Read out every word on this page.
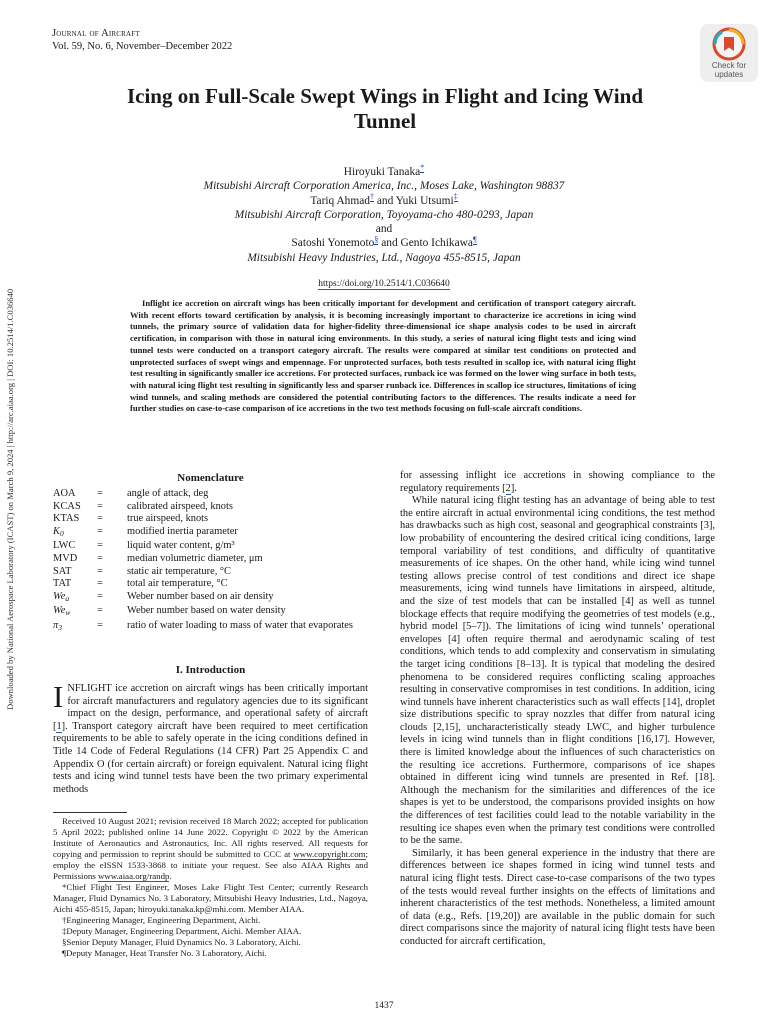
Journal of Aircraft
Vol. 59, No. 6, November–December 2022
Check for
updates
Downloaded by National Aerospace Laboratory (ICAST) on March 9, 2024 | http://arc.aiaa.org | DOI: 10.2514/1.C036640
Icing on Full-Scale Swept Wings in Flight and Icing Wind Tunnel
Hiroyuki Tanaka*
Mitsubishi Aircraft Corporation America, Inc., Moses Lake, Washington 98837
Tariq Ahmad† and Yuki Utsumi‡
Mitsubishi Aircraft Corporation, Toyoyama-cho 480-0293, Japan
and
Satoshi Yonemoto§ and Gento Ichikawa¶
Mitsubishi Heavy Industries, Ltd., Nagoya 455-8515, Japan
https://doi.org/10.2514/1.C036640
Inflight ice accretion on aircraft wings has been critically important for development and certification of transport category aircraft. With recent efforts toward certification by analysis, it is becoming increasingly important to characterize ice accretions in icing wind tunnels, the primary source of validation data for higher-fidelity three-dimensional ice shape analysis codes to be used in aircraft certification, in comparison with those in natural icing environments. In this study, a series of natural icing flight tests and icing wind tunnel tests were conducted on a transport category aircraft. The results were compared at similar test conditions on protected and unprotected surfaces of swept wings and empennage. For unprotected surfaces, both tests resulted in scallop ice, with natural icing flight test resulting in significantly smaller ice accretions. For protected surfaces, runback ice was formed on the lower wing surface in both tests, with natural icing flight test resulting in significantly less and sparser runback ice. Differences in scallop ice structures, limitations of icing wind tunnels, and scaling methods are considered the potential contributing factors to the differences. The results indicate a need for further studies on case-to-case comparison of ice accretions in the two test methods focusing on full-scale aircraft conditions.
Nomenclature
AOA	=	angle of attack, deg
KCAS	=	calibrated airspeed, knots
KTAS	=	true airspeed, knots
$K_0$	=	modified inertia parameter
LWC	=	liquid water content, g/m³
MVD	=	median volumetric diameter, μm
SAT	=	static air temperature, °C
TAT	=	total air temperature, °C
$We_a$	=	Weber number based on air density
$We_w$	=	Weber number based on water density
$\pi_3$	=	ratio of water loading to mass of water that evaporates
I. Introduction
INFLIGHT ice accretion on aircraft wings has been critically important for aircraft manufacturers and regulatory agencies due to its significant impact on the design, performance, and operational safety of aircraft [1]. Transport category aircraft have been required to meet certification requirements to be able to safely operate in the icing conditions defined in Title 14 Code of Federal Regulations (14 CFR) Part 25 Appendix C and Appendix O (for certain aircraft) or foreign equivalent. Natural icing flight tests and icing wind tunnel tests have been the two primary experimental methods

Received 10 August 2021; revision received 18 March 2022; accepted for publication 5 April 2022; published online 14 June 2022. Copyright © 2022 by the American Institute of Aeronautics and Astronautics, Inc. All rights reserved. All requests for copying and permission to reprint should be submitted to CCC at www.copyright.com; employ the eISSN 1533-3868 to initiate your request. See also AIAA Rights and Permissions www.aiaa.org/randp.

*Chief Flight Test Engineer, Moses Lake Flight Test Center; currently Research Manager, Fluid Dynamics No. 3 Laboratory, Mitsubishi Heavy Industries, Ltd., Nagoya, Aichi 455-8515, Japan; hiroyuki.tanaka.kp@mhi.com. Member AIAA.

†Engineering Manager, Engineering Department, Aichi.

‡Deputy Manager, Engineering Department, Aichi. Member AIAA.

§Senior Deputy Manager, Fluid Dynamics No. 3 Laboratory, Aichi.

¶Deputy Manager, Heat Transfer No. 3 Laboratory, Aichi.

for assessing inflight ice accretions in showing compliance to the regulatory requirements [2].

While natural icing flight testing has an advantage of being able to test the entire aircraft in actual environmental icing conditions, the test method has drawbacks such as high cost, seasonal and geographical constraints [3], low probability of encountering the desired critical icing conditions, large temporal variability of test conditions, and difficulty of quantitative measurements of ice shapes. On the other hand, while icing wind tunnel testing allows precise control of test conditions and direct ice shape measurements, icing wind tunnels have limitations in airspeed, altitude, and the size of test models that can be installed [4] as well as tunnel blockage effects that require modifying the geometries of test models (e.g., hybrid model [5–7]). The limitations of icing wind tunnels’ operational envelopes [4] often require thermal and aerodynamic scaling of test conditions, which tends to add complexity and conservatism in simulating the target icing conditions [8–13]. It is typical that modeling the desired phenomena to be considered requires conflicting scaling approaches resulting in conservative compromises in test conditions. In addition, icing wind tunnels have inherent characteristics such as wall effects [14], droplet size distributions specific to spray nozzles that differ from natural icing clouds [2,15], uncharacteristically steady LWC, and higher turbulence levels in icing wind tunnels than in flight conditions [16,17]. However, there is limited knowledge about the influences of such characteristics on the resulting ice accretions. Furthermore, comparisons of ice shapes obtained in different icing wind tunnels are presented in Ref. [18]. Although the mechanism for the similarities and differences of the ice shapes is yet to be understood, the comparisons provided insights on how the differences of test facilities could lead to the notable variability in the resulting ice shapes even when the primary test conditions were controlled to be the same.

Similarly, it has been general experience in the industry that there are differences between ice shapes formed in icing wind tunnel tests and natural icing flight tests. Direct case-to-case comparisons of the two types of the tests would reveal further insights on the effects of limitations and inherent characteristics of the test methods. Nonetheless, a limited amount of data (e.g., Refs. [19,20]) are available in the public domain for such direct comparisons since the majority of natural icing flight tests have been conducted for aircraft certification,

1437
